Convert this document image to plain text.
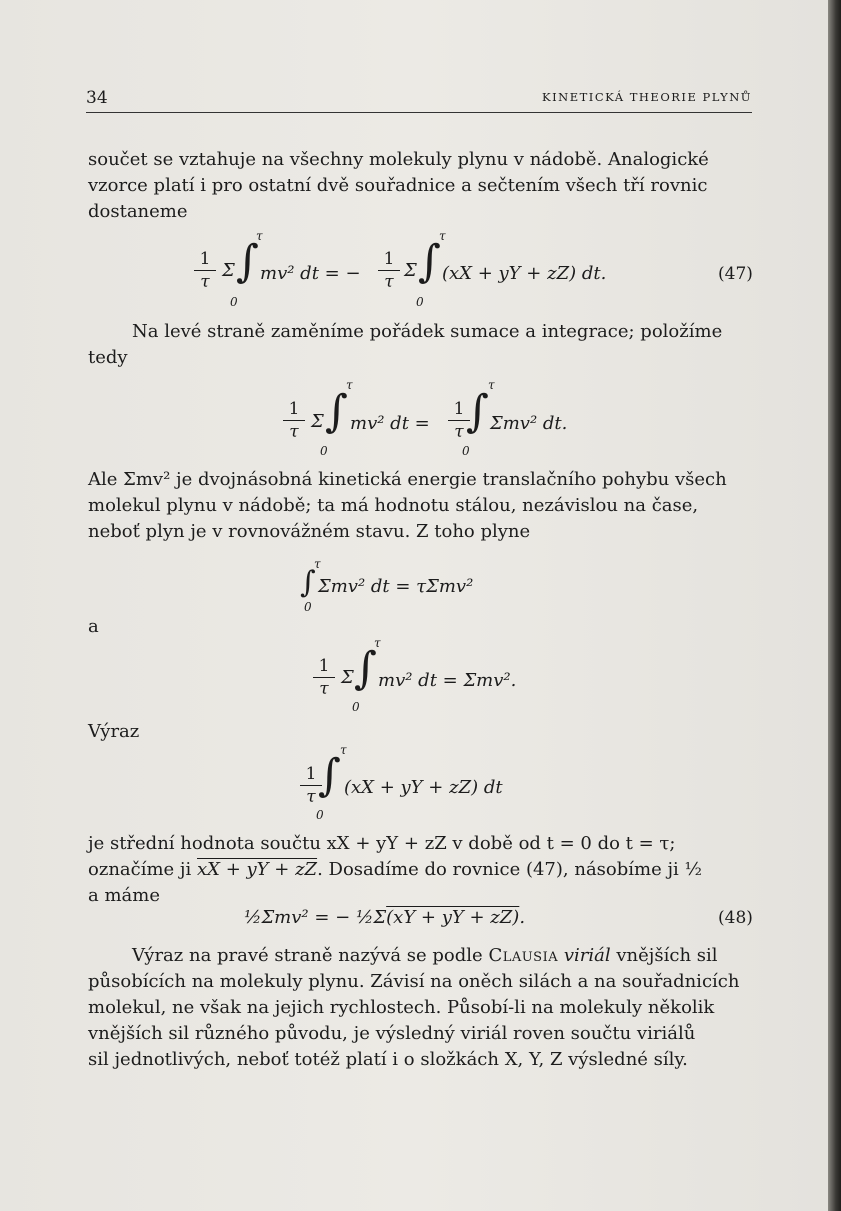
34	KINETICKÁ THEORIE PLYNŮ
součet se vztahuje na všechny molekuly plynu v nádobě. Analogické
vzorce platí i pro ostatní dvě souřadnice a sečtením všech tří rovnic
dostaneme
$\frac{1}{\tau}$ Σ
τ
∫
0
mv² dt = − $\frac{1}{\tau}$ Σ
τ
∫
0
(xX + yY + zZ) dt.	(47)
Na levé straně zaměníme pořádek sumace a integrace; položíme
tedy
$\frac{1}{\tau}$ Σ
τ
∫
0
mv² dt = $\frac{1}{\tau}$
τ
∫
0
Σmv² dt.
Ale Σmv² je dvojnásobná kinetická energie translačního pohybu všech
molekul plynu v nádobě; ta má hodnotu stálou, nezávislou na čase,
neboť plyn je v rovnovážném stavu. Z toho plyne
τ
∫
0
Σmv² dt = τΣmv²
a
$\frac{1}{\tau}$ Σ
τ
∫
0
mv² dt = Σmv².
Výraz
$\frac{1}{\tau}$
τ
∫
0
(xX + yY + zZ) dt
je střední hodnota součtu xX + yY + zZ v době od t = 0 do t = τ;
označíme ji xX + yY + zZ. Dosadíme do rovnice (47), násobíme ji ½
a máme
½Σmv² = − ½Σ(xY + yY + zZ).	(48)
Výraz na pravé straně nazývá se podle Clausia viriál vnějších sil
působících na molekuly plynu. Závisí na oněch silách a na souřadnicích
molekul, ne však na jejich rychlostech. Působí-li na molekuly několik
vnějších sil různého původu, je výsledný viriál roven součtu viriálů
sil jednotlivých, neboť totéž platí i o složkách X, Y, Z výsledné síly.
